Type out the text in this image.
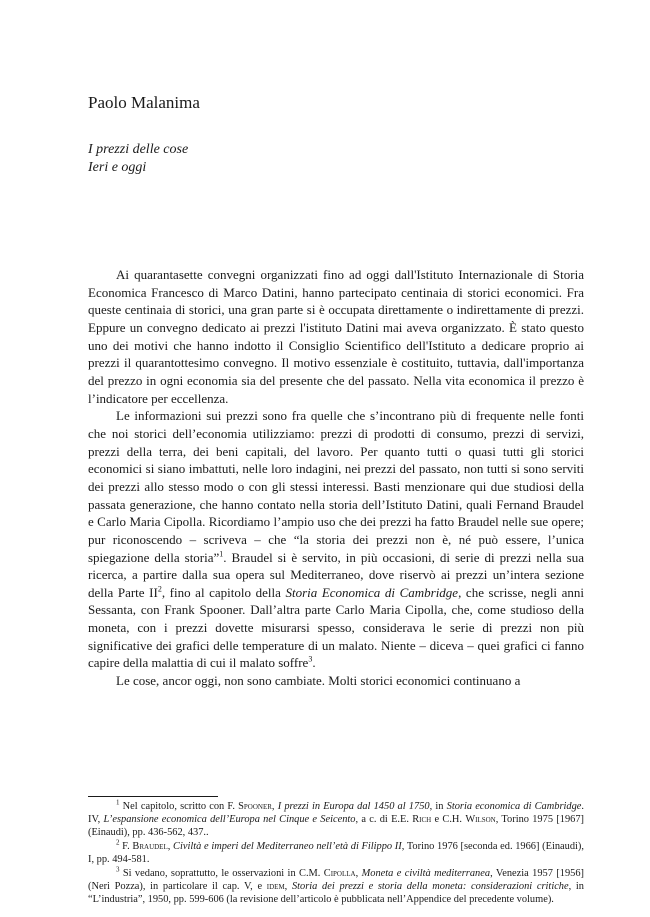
Paolo Malanima
I prezzi delle cose
Ieri e oggi

Ai quarantasette convegni organizzati fino ad oggi dall'Istituto Internazionale di Storia Economica Francesco di Marco Datini, hanno partecipato centinaia di storici economici. Fra queste centinaia di storici, una gran parte si è occupata direttamente o indirettamente di prezzi. Eppure un convegno dedicato ai prezzi l'istituto Datini mai aveva organizzato. È stato questo uno dei motivi che hanno indotto il Consiglio Scientifico dell'Istituto a dedicare proprio ai prezzi il quarantottesimo convegno. Il motivo essenziale è costituito, tuttavia, dall'importanza del prezzo in ogni economia sia del presente che del passato. Nella vita economica il prezzo è l’indicatore per eccellenza.

Le informazioni sui prezzi sono fra quelle che s’incontrano più di frequente nelle fonti che noi storici dell’economia utilizziamo: prezzi di prodotti di consumo, prezzi di servizi, prezzi della terra, dei beni capitali, del lavoro. Per quanto tutti o quasi tutti gli storici economici si siano imbattuti, nelle loro indagini, nei prezzi del passato, non tutti si sono serviti dei prezzi allo stesso modo o con gli stessi interessi. Basti menzionare qui due studiosi della passata generazione, che hanno contato nella storia dell’Istituto Datini, quali Fernand Braudel e Carlo Maria Cipolla. Ricordiamo l’ampio uso che dei prezzi ha fatto Braudel nelle sue opere; pur riconoscendo – scriveva – che “la storia dei prezzi non è, né può essere, l’unica spiegazione della storia”$^1$. Braudel si è servito, in più occasioni, di serie di prezzi nella sua ricerca, a partire dalla sua opera sul Mediterraneo, dove riservò ai prezzi un’intera sezione della Parte $II^2$, fino al capitolo della Storia Economica di Cambridge, che scrisse, negli anni Sessanta, con Frank Spooner. Dall’altra parte Carlo Maria Cipolla, che, come studioso della moneta, con i prezzi dovette misurarsi spesso, considerava le serie di prezzi non più significative dei grafici delle temperature di un malato. Niente – diceva – quei grafici ci fanno capire della malattia di cui il malato soffre$^3$.

Le cose, ancor oggi, non sono cambiate. Molti storici economici continuano a

$^1$ Nel capitolo, scritto con F. Spooner, I prezzi in Europa dal 1450 al 1750, in Storia economica di Cambridge. IV, L’espansione economica dell’Europa nel Cinque e Seicento, a c. di E.E. Rich e C.H. Wilson, Torino 1975 [1967] (Einaudi), pp. 436-562, 437..

$^2$ F. Braudel, Civiltà e imperi del Mediterraneo nell’età di Filippo II, Torino 1976 [seconda ed. 1966] (Einaudi), I, pp. 494-581.

$^3$ Si vedano, soprattutto, le osservazioni in C.M. Cipolla, Moneta e civiltà mediterranea, Venezia 1957 [1956] (Neri Pozza), in particolare il cap. V, e idem, Storia dei prezzi e storia della moneta: considerazioni critiche, in “L’industria”, 1950, pp. 599-606 (la revisione dell’articolo è pubblicata nell’Appendice del precedente volume).
